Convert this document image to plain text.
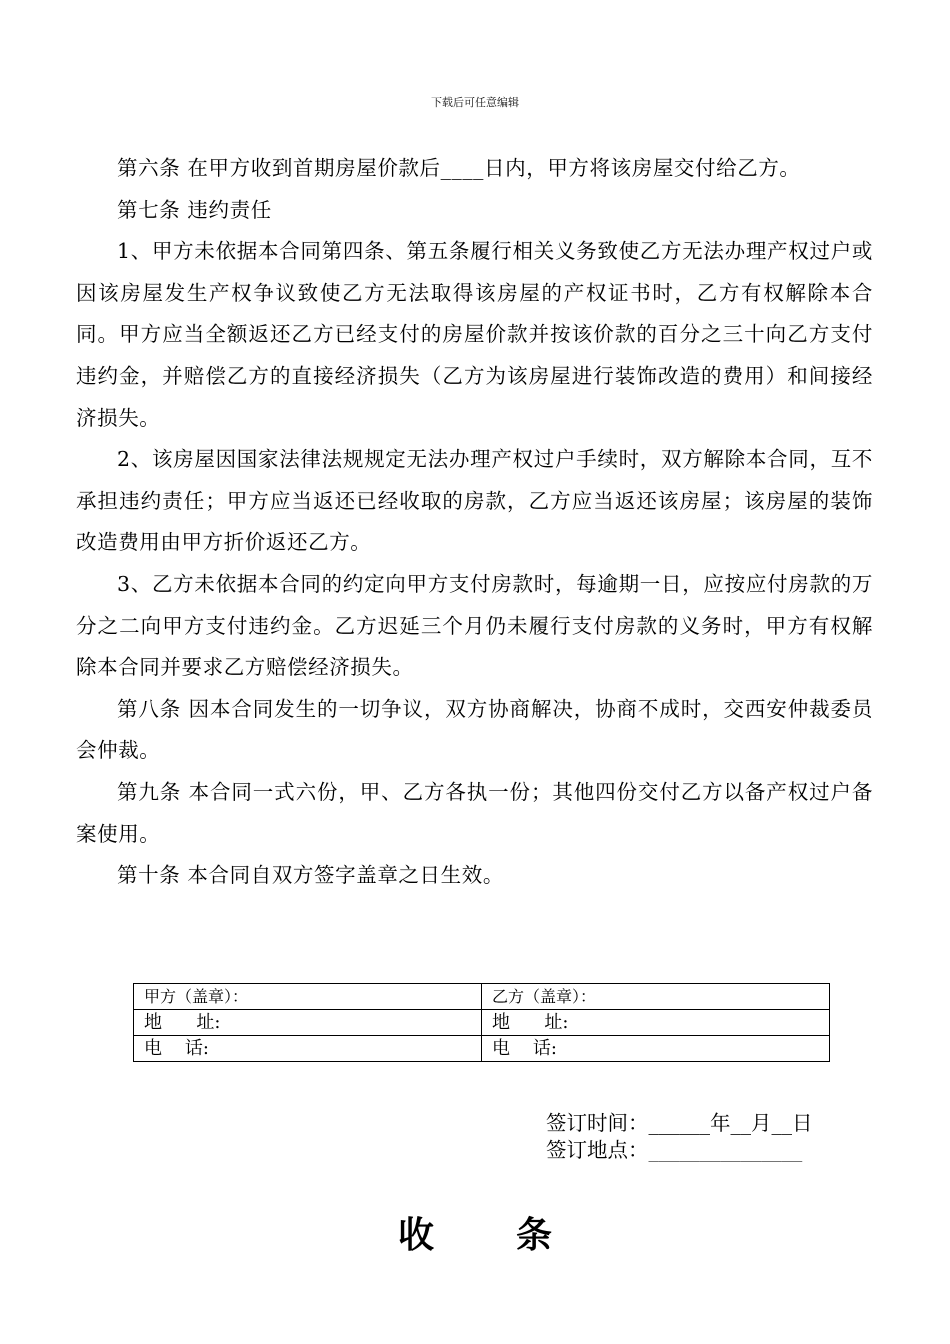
下载后可任意编辑

第六条 在甲方收到首期房屋价款后____日内，甲方将该房屋交付给乙方。

第七条 违约责任

1、甲方未依据本合同第四条、第五条履行相关义务致使乙方无法办理产权过户或因该房屋发生产权争议致使乙方无法取得该房屋的产权证书时，乙方有权解除本合同。甲方应当全额返还乙方已经支付的房屋价款并按该价款的百分之三十向乙方支付违约金，并赔偿乙方的直接经济损失（乙方为该房屋进行装饰改造的费用）和间接经济损失。

2、该房屋因国家法律法规规定无法办理产权过户手续时，双方解除本合同，互不承担违约责任；甲方应当返还已经收取的房款，乙方应当返还该房屋；该房屋的装饰改造费用由甲方折价返还乙方。

3、乙方未依据本合同的约定向甲方支付房款时，每逾期一日，应按应付房款的万分之二向甲方支付违约金。乙方迟延三个月仍未履行支付房款的义务时，甲方有权解除本合同并要求乙方赔偿经济损失。

第八条 因本合同发生的一切争议，双方协商解决，协商不成时，交西安仲裁委员会仲裁。

第九条 本合同一式六份，甲、乙方各执一份；其他四份交付乙方以备产权过户备案使用。

第十条 本合同自双方签字盖章之日生效。

甲方（盖章）：	乙方（盖章）：
地      址:	地      址:
电    话:	电    话:
签订时间：______年__月__日
签订地点：_______________
收条
